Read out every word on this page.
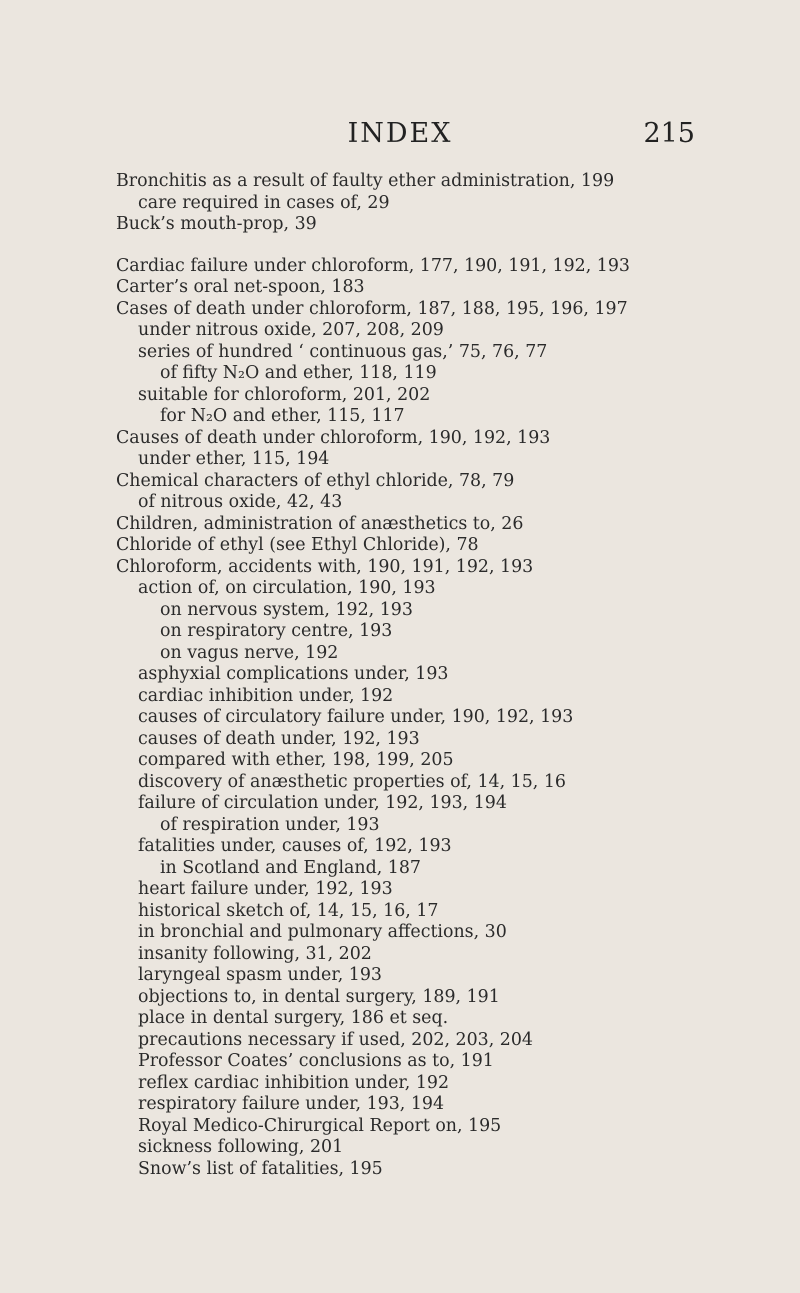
INDEX	215
Bronchitis as a result of faulty ether administration, 199
care required in cases of, 29
Buck’s mouth-prop, 39
Cardiac failure under chloroform, 177, 190, 191, 192, 193
Carter’s oral net-spoon, 183
Cases of death under chloroform, 187, 188, 195, 196, 197
under nitrous oxide, 207, 208, 209
series of hundred ‘ continuous gas,’ 75, 76, 77
of fifty N₂O and ether, 118, 119
suitable for chloroform, 201, 202
for N₂O and ether, 115, 117
Causes of death under chloroform, 190, 192, 193
under ether, 115, 194
Chemical characters of ethyl chloride, 78, 79
of nitrous oxide, 42, 43
Children, administration of anæsthetics to, 26
Chloride of ethyl (see Ethyl Chloride), 78
Chloroform, accidents with, 190, 191, 192, 193
action of, on circulation, 190, 193
on nervous system, 192, 193
on respiratory centre, 193
on vagus nerve, 192
asphyxial complications under, 193
cardiac inhibition under, 192
causes of circulatory failure under, 190, 192, 193
causes of death under, 192, 193
compared with ether, 198, 199, 205
discovery of anæsthetic properties of, 14, 15, 16
failure of circulation under, 192, 193, 194
of respiration under, 193
fatalities under, causes of, 192, 193
in Scotland and England, 187
heart failure under, 192, 193
historical sketch of, 14, 15, 16, 17
in bronchial and pulmonary affections, 30
insanity following, 31, 202
laryngeal spasm under, 193
objections to, in dental surgery, 189, 191
place in dental surgery, 186 et seq.
precautions necessary if used, 202, 203, 204
Professor Coates’ conclusions as to, 191
reflex cardiac inhibition under, 192
respiratory failure under, 193, 194
Royal Medico-Chirurgical Report on, 195
sickness following, 201
Snow’s list of fatalities, 195
